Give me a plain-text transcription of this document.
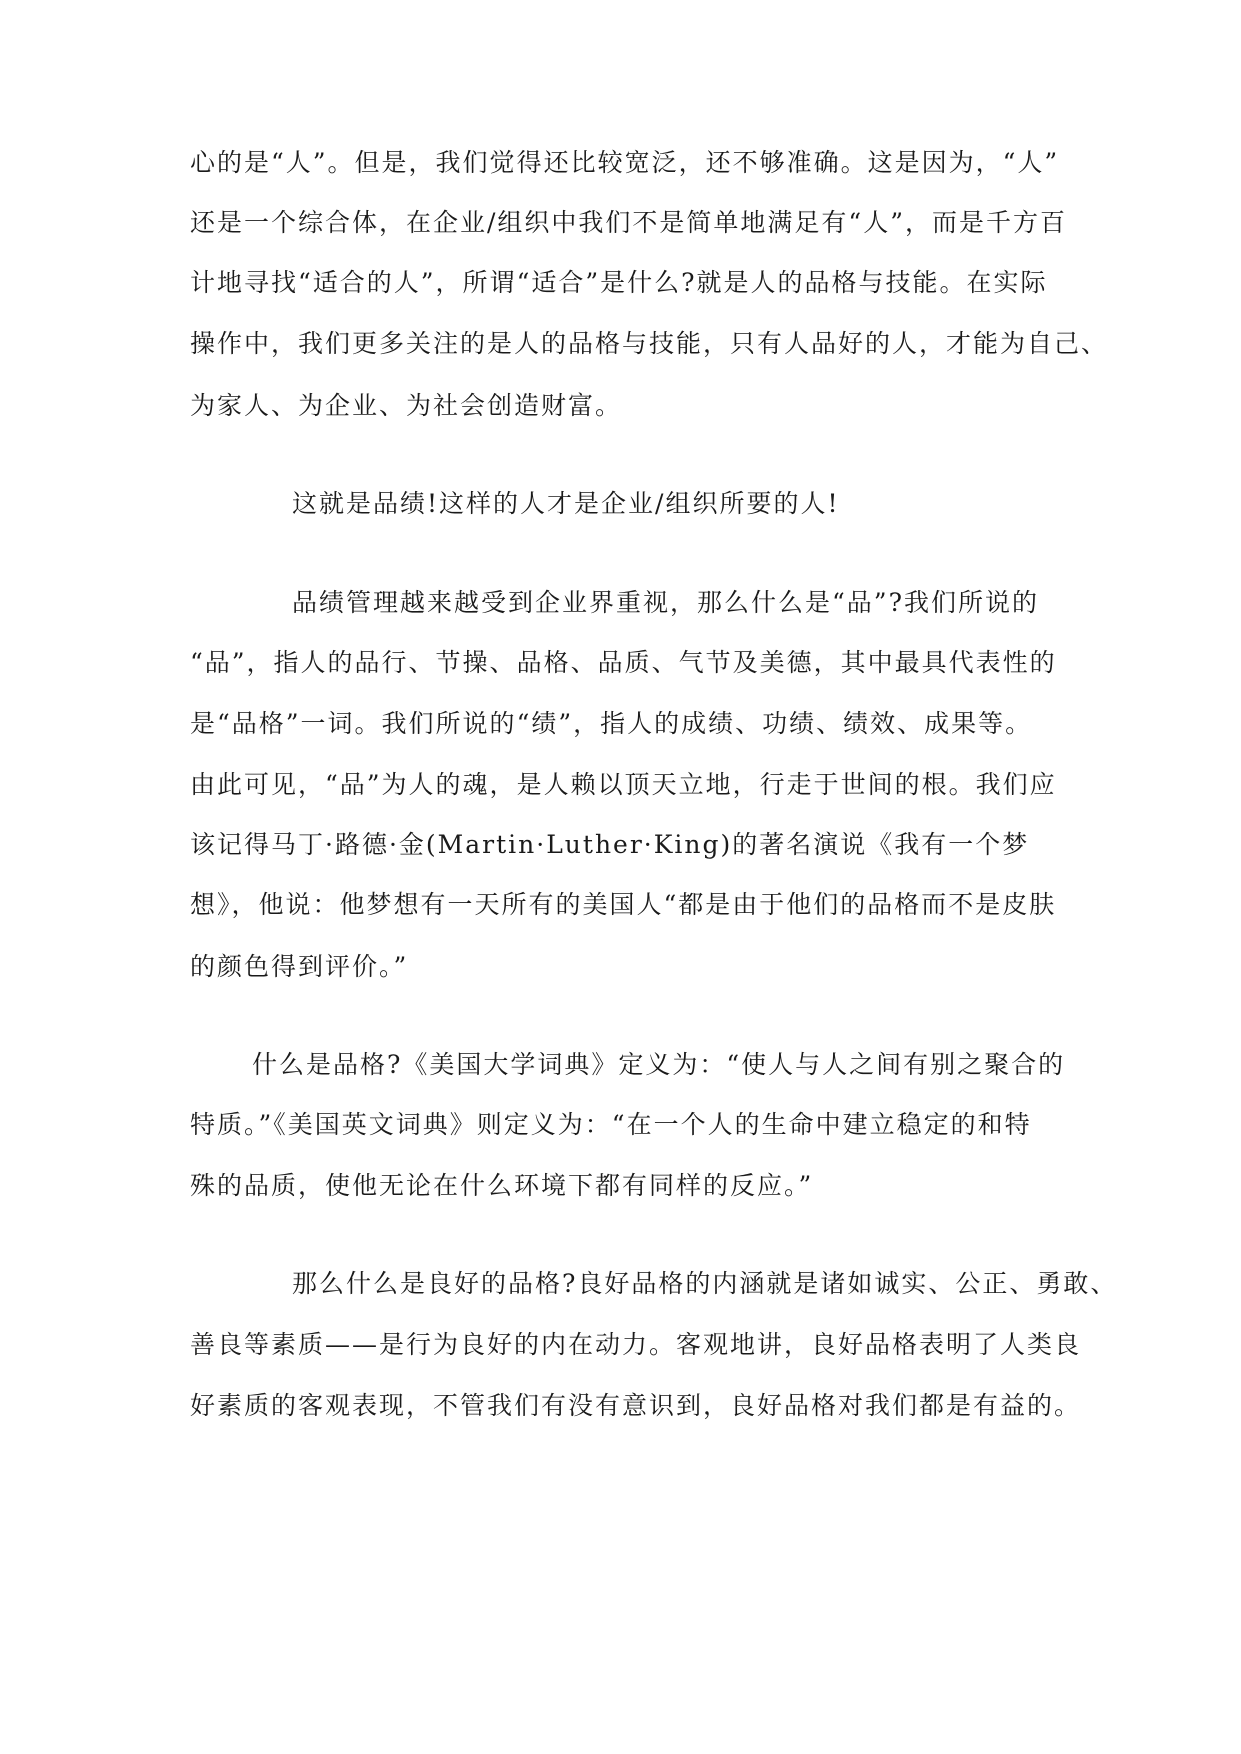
心的是“人”。但是，我们觉得还比较宽泛，还不够准确。这是因为，“人”
还是一个综合体，在企业/组织中我们不是简单地满足有“人”，而是千方百
计地寻找“适合的人”，所谓“适合”是什么?就是人的品格与技能。在实际
操作中，我们更多关注的是人的品格与技能，只有人品好的人，才能为自己、
为家人、为企业、为社会创造财富。
这就是品绩!这样的人才是企业/组织所要的人!
品绩管理越来越受到企业界重视，那么什么是“品”?我们所说的
“品”，指人的品行、节操、品格、品质、气节及美德，其中最具代表性的
是“品格”一词。我们所说的“绩”，指人的成绩、功绩、绩效、成果等。
由此可见，“品”为人的魂，是人赖以顶天立地，行走于世间的根。我们应
该记得马丁·路德·金(Martin·Luther·King)的著名演说《我有一个梦
想》，他说：他梦想有一天所有的美国人“都是由于他们的品格而不是皮肤
的颜色得到评价。”
什么是品格?《美国大学词典》定义为：“使人与人之间有别之聚合的
特质。”《美国英文词典》则定义为：“在一个人的生命中建立稳定的和特
殊的品质，使他无论在什么环境下都有同样的反应。”
那么什么是良好的品格?良好品格的内涵就是诸如诚实、公正、勇敢、
善良等素质——是行为良好的内在动力。客观地讲，良好品格表明了人类良
好素质的客观表现，不管我们有没有意识到，良好品格对我们都是有益的。
